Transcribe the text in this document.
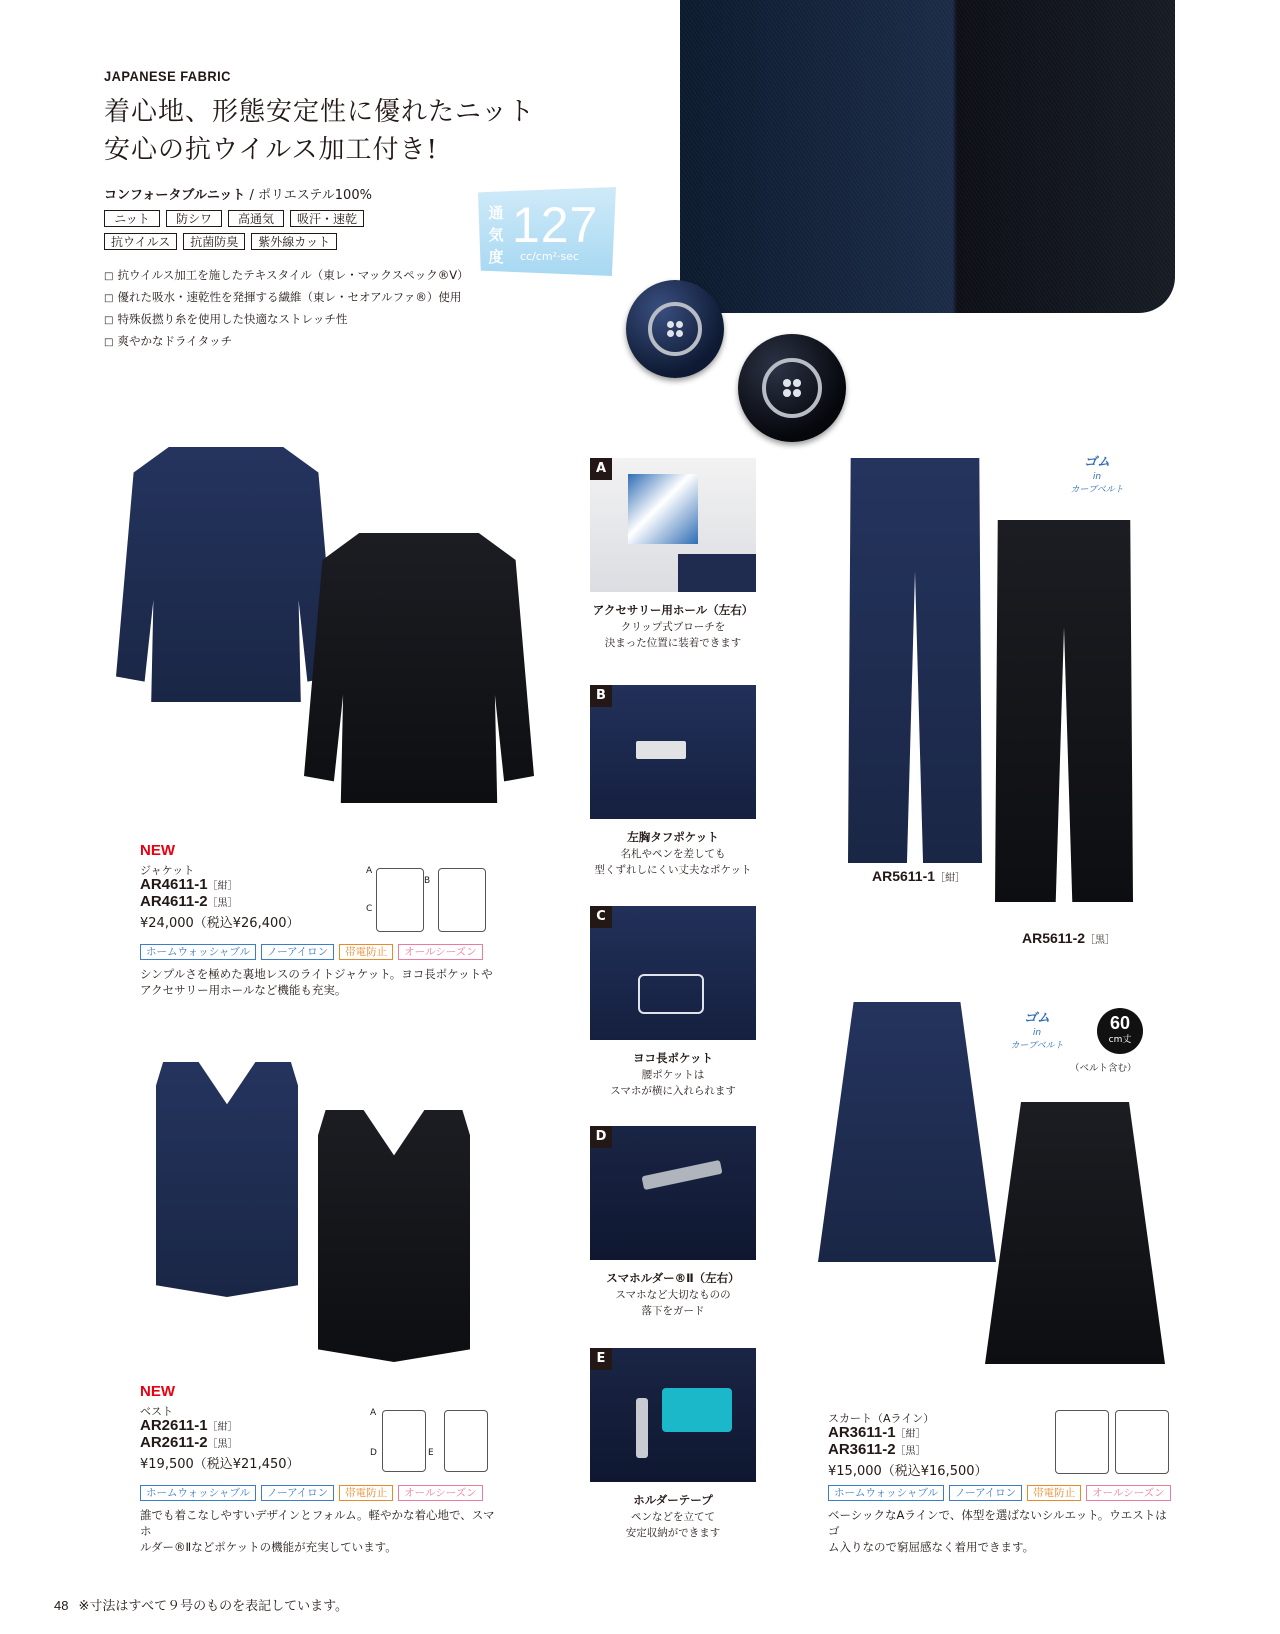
JAPANESE FABRIC
着心地、形態安定性に優れたニット
安心の抗ウイルス加工付き!
コンフォータブルニット / ポリエステル100%
ニット	防シワ	高通気	吸汗・速乾
抗ウイルス	抗菌防臭	紫外線カット
□ 抗ウイルス加工を施したテキスタイル（東レ・マックスペック®V）
□ 優れた吸水・速乾性を発揮する繊維（東レ・セオアルファ®）使用
□ 特殊仮撚り糸を使用した快適なストレッチ性
□ 爽やかなドライタッチ
通
気
度
127
cc/cm²·sec
NEW
ジャケット
AR4611-1［紺］
AR4611-2［黒］
¥24,000（税込¥26,400）
A
B
C
ホームウォッシャブル	ノーアイロン	帯電防止	オールシーズン
シンプルさを極めた裏地レスのライトジャケット。ヨコ長ポケットや
アクセサリー用ホールなど機能も充実。
NEW
ベスト
AR2611-1［紺］
AR2611-2［黒］
¥19,500（税込¥21,450）
A
D	E
ホームウォッシャブル	ノーアイロン	帯電防止	オールシーズン
誰でも着こなしやすいデザインとフォルム。軽やかな着心地で、スマホ
ルダー®Ⅱなどポケットの機能が充実しています。
A
アクセサリー用ホール（左右）
クリップ式ブローチを
決まった位置に装着できます
B
左胸タフポケット
名札やペンを差しても
型くずれしにくい丈夫なポケット
C
ヨコ長ポケット
腰ポケットは
スマホが横に入れられます
D
スマホルダー®Ⅱ（左右）
スマホなど大切なものの
落下をガード
E
ホルダーテープ
ペンなどを立てて
安定収納ができます
ゴム
in
カーブベルト
AR5611-1［紺］
AR5611-2［黒］
ゴム
in
カーブベルト
60
cm丈
（ベルト含む）
スカート（Aライン）
AR3611-1［紺］
AR3611-2［黒］
¥15,000（税込¥16,500）
ホームウォッシャブル	ノーアイロン	帯電防止	オールシーズン
ベーシックなAラインで、体型を選ばないシルエット。ウエストはゴ
ム入りなので窮屈感なく着用できます。
48 ※寸法はすべて９号のものを表記しています。
